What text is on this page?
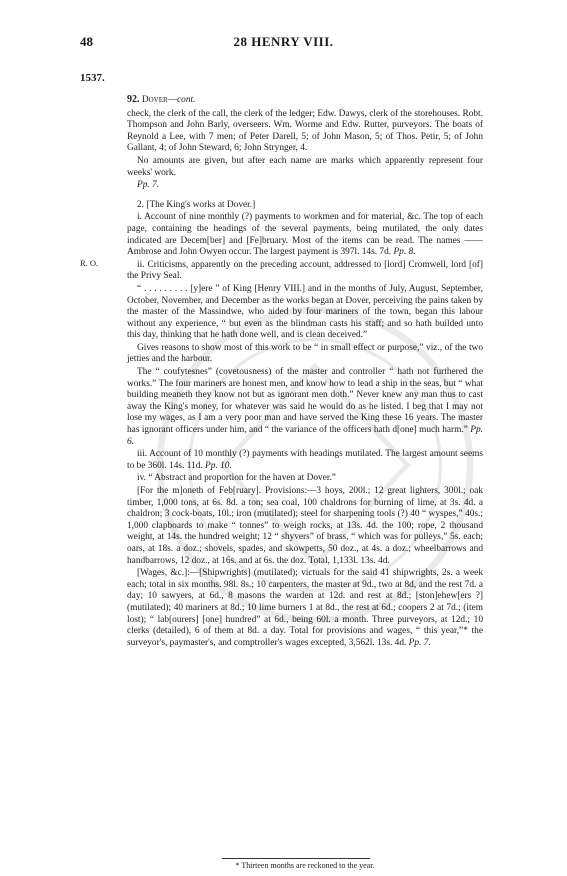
48	28 HENRY VIII.
1537.
R. O.

92. Dover—cont.

check, the clerk of the call, the clerk of the ledger; Edw. Dawys, clerk of the storehouses. Robt. Thompson and John Barly, overseers. Wm. Worme and Edw. Rutter, purveyors. The boats of Reynold a Lee, with 7 men; of Peter Darell, 5; of John Mason, 5; of Thos. Petir, 5; of John Gallant, 4; of John Steward, 6; John Strynger, 4.

No amounts are given, but after each name are marks which apparently represent four weeks' work.

Pp. 7.

2. [The King's works at Dover.]

i. Account of nine monthly (?) payments to workmen and for material, &c. The top of each page, containing the headings of the several payments, being mutilated, the only dates indicated are Decem[ber] and [Fe]bruary. Most of the items can be read. The names —— Ambrose and John Owyen occur. The largest payment is 397l. 14s. 7d. Pp. 8.

ii. Criticisms, apparently on the preceding account, addressed to [lord] Cromwell, lord [of] the Privy Seal.

“ . . . . . . . . . [y]ere ” of King [Henry VIII.] and in the months of July, August, September, October, November, and December as the works began at Dover, perceiving the pains taken by the master of the Massindwe, who aided by four mariners of the town, began this labour without any experience, “ but even as the blindman casts his staff; and so hath builded unto this day, thinking that he hath done well, and is clean deceived.”

Gives reasons to show most of this work to be “ in small effect or purpose,” viz., of the two jetties and the harbour.

The “ coufytesnes” (covetousness) of the master and controller “ hath not furthered the works.” The four mariners are honest men, and know how to lead a ship in the seas, but “ what building meaneth they know not but as ignorant men doth.” Never knew any man thus to cast away the King's money, for whatever was said he would do as he listed. I beg that I may not lose my wages, as I am a very poor man and have served the King these 16 years. The master has ignorant officers under him, and “ the variance of the officers hath d[one] much harm.” Pp. 6.

iii. Account of 10 monthly (?) payments with headings mutilated. The largest amount seems to be 360l. 14s. 11d. Pp. 10.

iv. “ Abstract and proportion for the haven at Dover.”

[For the m]oneth of Feb[ruary]. Provisions:—3 hoys, 200l.; 12 great lighters, 300l.; oak timber, 1,000 tons, at 6s. 8d. a ton; sea coal, 100 chaldrons for burning of lime, at 3s. 4d. a chaldron; 3 cock-boats, 10l.; iron (mutilated); steel for sharpening tools (?) 40 “ wyspes,” 40s.; 1,000 clapboards to make “ tonnes” to weigh rocks, at 13s. 4d. the 100; rope, 2 thousand weight, at 14s. the hundred weight; 12 “ shyvers” of brass, “ which was for pulleys,” 5s. each; oars, at 18s. a doz.; shovels, spades, and skowpetts, 50 doz., at 4s. a doz.; wheelbarrows and handbarrows, 12 doz., at 16s. and at 6s. the doz. Total, 1,133l. 13s. 4d.

[Wages, &c.]:—[Shipwrights] (mutilated); victuals for the said 41 shipwrights, 2s. a week each; total in six months. 98l. 8s.; 10 carpenters, the master at 9d., two at 8d, and the rest 7d. a day; 10 sawyers, at 6d., 8 masons the warden at 12d. and rest at 8d.; [ston]ehew[ers ?] (mutilated); 40 mariners at 8d.; 10 lime burners 1 at 8d., the rest at 6d.; coopers 2 at 7d.; (item lost); “ lab[ourers] [one] hundred” at 6d., being 60l. a month. Three purveyors, at 12d.; 10 clerks (detailed), 6 of them at 8d. a day. Total for provisions and wages, “ this year,”* the surveyor's, paymaster's, and comptroller's wages excepted, 3,562l. 13s. 4d. Pp. 7.

* Thirteen months are reckoned to the year.
